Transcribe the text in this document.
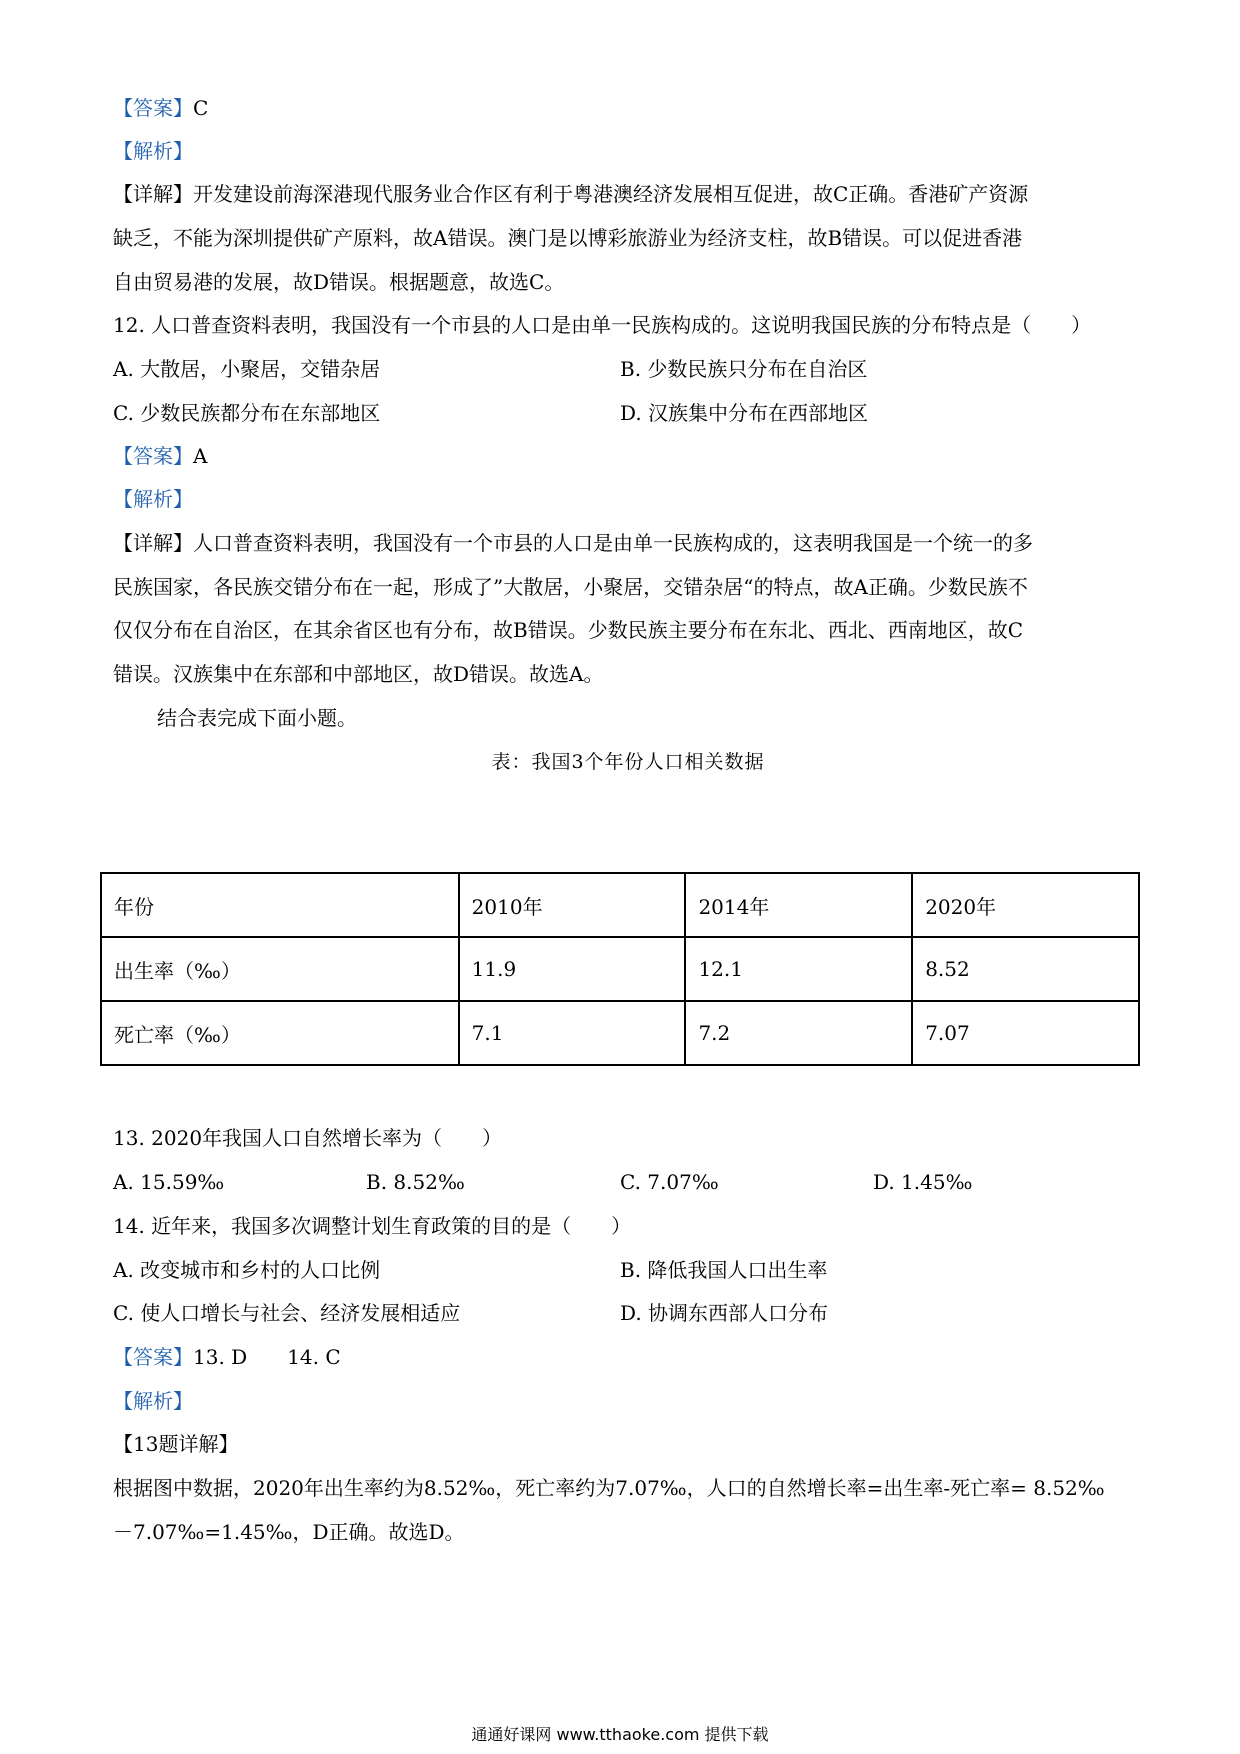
【答案】C
【解析】
【详解】开发建设前海深港现代服务业合作区有利于粤港澳经济发展相互促进，故C正确。香港矿产资源
缺乏，不能为深圳提供矿产原料，故A错误。澳门是以博彩旅游业为经济支柱，故B错误。可以促进香港
自由贸易港的发展，故D错误。根据题意，故选C。
12. 人口普查资料表明，我国没有一个市县的人口是由单一民族构成的。这说明我国民族的分布特点是（　　）
A. 大散居，小聚居，交错杂居	B. 少数民族只分布在自治区
C. 少数民族都分布在东部地区	D. 汉族集中分布在西部地区
【答案】A
【解析】
【详解】人口普查资料表明，我国没有一个市县的人口是由单一民族构成的，这表明我国是一个统一的多
民族国家，各民族交错分布在一起，形成了”大散居，小聚居，交错杂居“的特点，故A正确。少数民族不
仅仅分布在自治区，在其余省区也有分布，故B错误。少数民族主要分布在东北、西北、西南地区，故C
错误。汉族集中在东部和中部地区，故D错误。故选A。
结合表完成下面小题。
表：我国3个年份人口相关数据
年份	2010年	2014年	2020年
出生率（‰）	11.9	12.1	8.52
死亡率（‰）	7.1	7.2	7.07
13. 2020年我国人口自然增长率为（　　）
A. 15.59‰	B. 8.52‰	C. 7.07‰	D. 1.45‰
14. 近年来，我国多次调整计划生育政策的目的是（　　）
A. 改变城市和乡村的人口比例	B. 降低我国人口出生率
C. 使人口增长与社会、经济发展相适应	D. 协调东西部人口分布
【答案】13. D 14. C
【解析】
【13题详解】
根据图中数据，2020年出生率约为8.52‰，死亡率约为7.07‰，人口的自然增长率=出生率-死亡率= 8.52‰
－7.07‰=1.45‰，D正确。故选D。
通通好课网 www.tthaoke.com 提供下载
